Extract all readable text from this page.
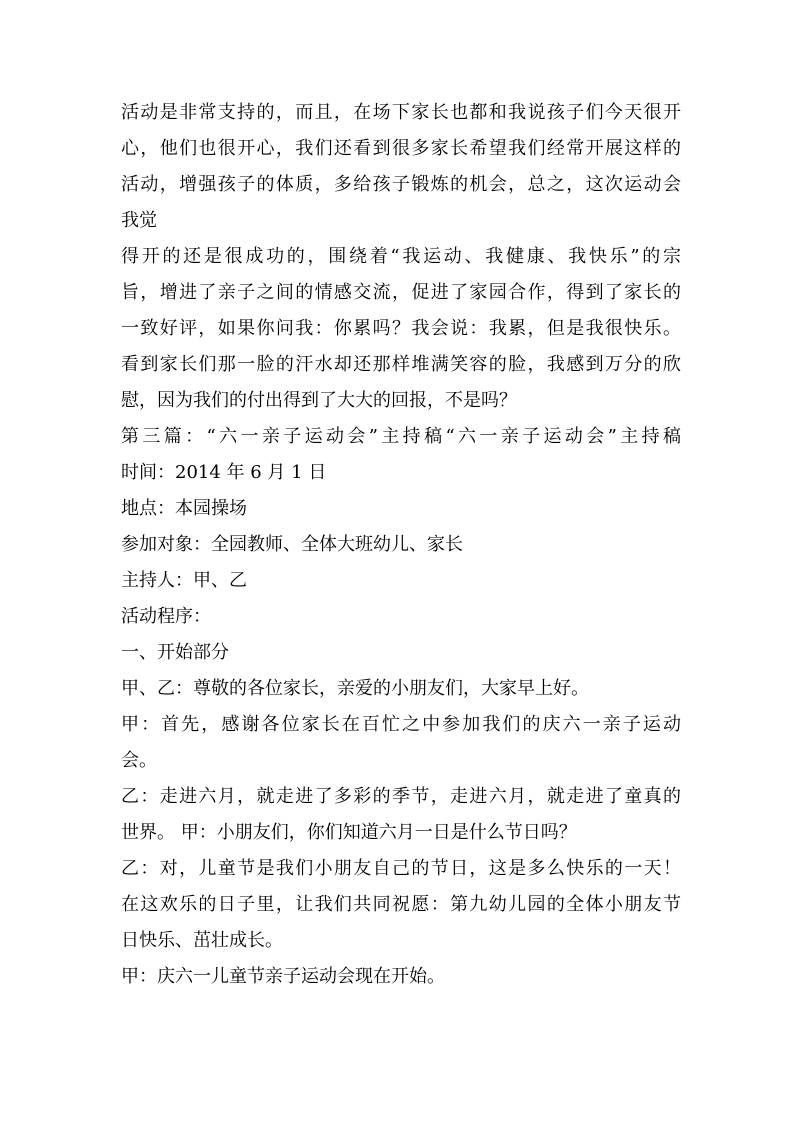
活动是非常支持的，而且，在场下家长也都和我说孩子们今天很开
心，他们也很开心，我们还看到很多家长希望我们经常开展这样的
活动，增强孩子的体质，多给孩子锻炼的机会，总之，这次运动会
我觉
得开的还是很成功的，围绕着“我运动、我健康、我快乐”的宗
旨，增进了亲子之间的情感交流，促进了家园合作，得到了家长的
一致好评，如果你问我：你累吗？我会说：我累，但是我很快乐。
看到家长们那一脸的汗水却还那样堆满笑容的脸，我感到万分的欣
慰，因为我们的付出得到了大大的回报，不是吗？
第三篇：“六一亲子运动会”主持稿“六一亲子运动会”主持稿
时间：2014 年 6 月 1 日
地点：本园操场
参加对象：全园教师、全体大班幼儿、家长
主持人：甲、乙
活动程序：
一、开始部分
甲、乙：尊敬的各位家长，亲爱的小朋友们，大家早上好。
甲：首先，感谢各位家长在百忙之中参加我们的庆六一亲子运动
会。
乙：走进六月，就走进了多彩的季节，走进六月，就走进了童真的
世界。 甲：小朋友们，你们知道六月一日是什么节日吗？
乙：对，儿童节是我们小朋友自己的节日，这是多么快乐的一天！
在这欢乐的日子里，让我们共同祝愿：第九幼儿园的全体小朋友节
日快乐、茁壮成长。
甲：庆六一儿童节亲子运动会现在开始。
